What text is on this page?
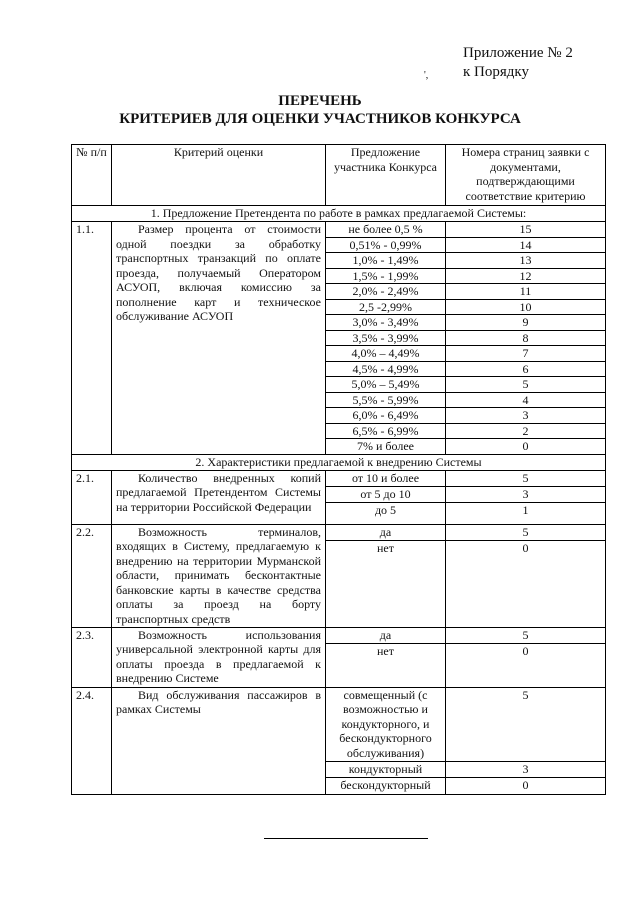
Приложение № 2
к Порядку
',
ПЕРЕЧЕНЬ
КРИТЕРИЕВ ДЛЯ ОЦЕНКИ УЧАСТНИКОВ КОНКУРСА
№ п/п	Критерий оценки	Предложение участника Конкурса	Номера страниц заявки с документами, подтверждающими соответствие критерию
1. Предложение Претендента по работе в рамках предлагаемой Системы:			
1.1.	Размер процента от стоимости одной поездки за обработку транспортных транзакций по оплате проезда, получаемый Оператором АСУОП, включая комиссию за пополнение карт и техническое обслуживание АСУОП	не более 0,5 %	15
		0,51% - 0,99%	14
		1,0% - 1,49%	13
		1,5% - 1,99%	12
		2,0% - 2,49%	11
		2,5 -2,99%	10
		3,0% - 3,49%	9
		3,5% - 3,99%	8
		4,0% – 4,49%	7
		4,5% - 4,99%	6
		5,0% – 5,49%	5
		5,5% - 5,99%	4
		6,0% - 6,49%	3
		6,5% - 6,99%	2
		7% и более	0
2. Характеристики предлагаемой к внедрению Системы			
2.1.	Количество внедренных копий предлагаемой Претендентом Системы на территории Российской Федерации	от 10 и более	5
		от 5 до 10	3
		до 5	1
2.2.	Возможность терминалов, входящих в Систему, предлагаемую к внедрению на территории Мурманской области, принимать бесконтактные банковские карты в качестве средства оплаты за проезд на борту транспортных средств	да	5
		нет	0
2.3.	Возможность использования универсальной электронной карты для оплаты проезда в предлагаемой к внедрению Системе	да	5
		нет	0
2.4.	Вид обслуживания пассажиров в рамках Системы	совмещенный (с возможностью и кондукторного, и бескондукторного обслуживания)	5
		кондукторный	3
		бескондукторный	0
